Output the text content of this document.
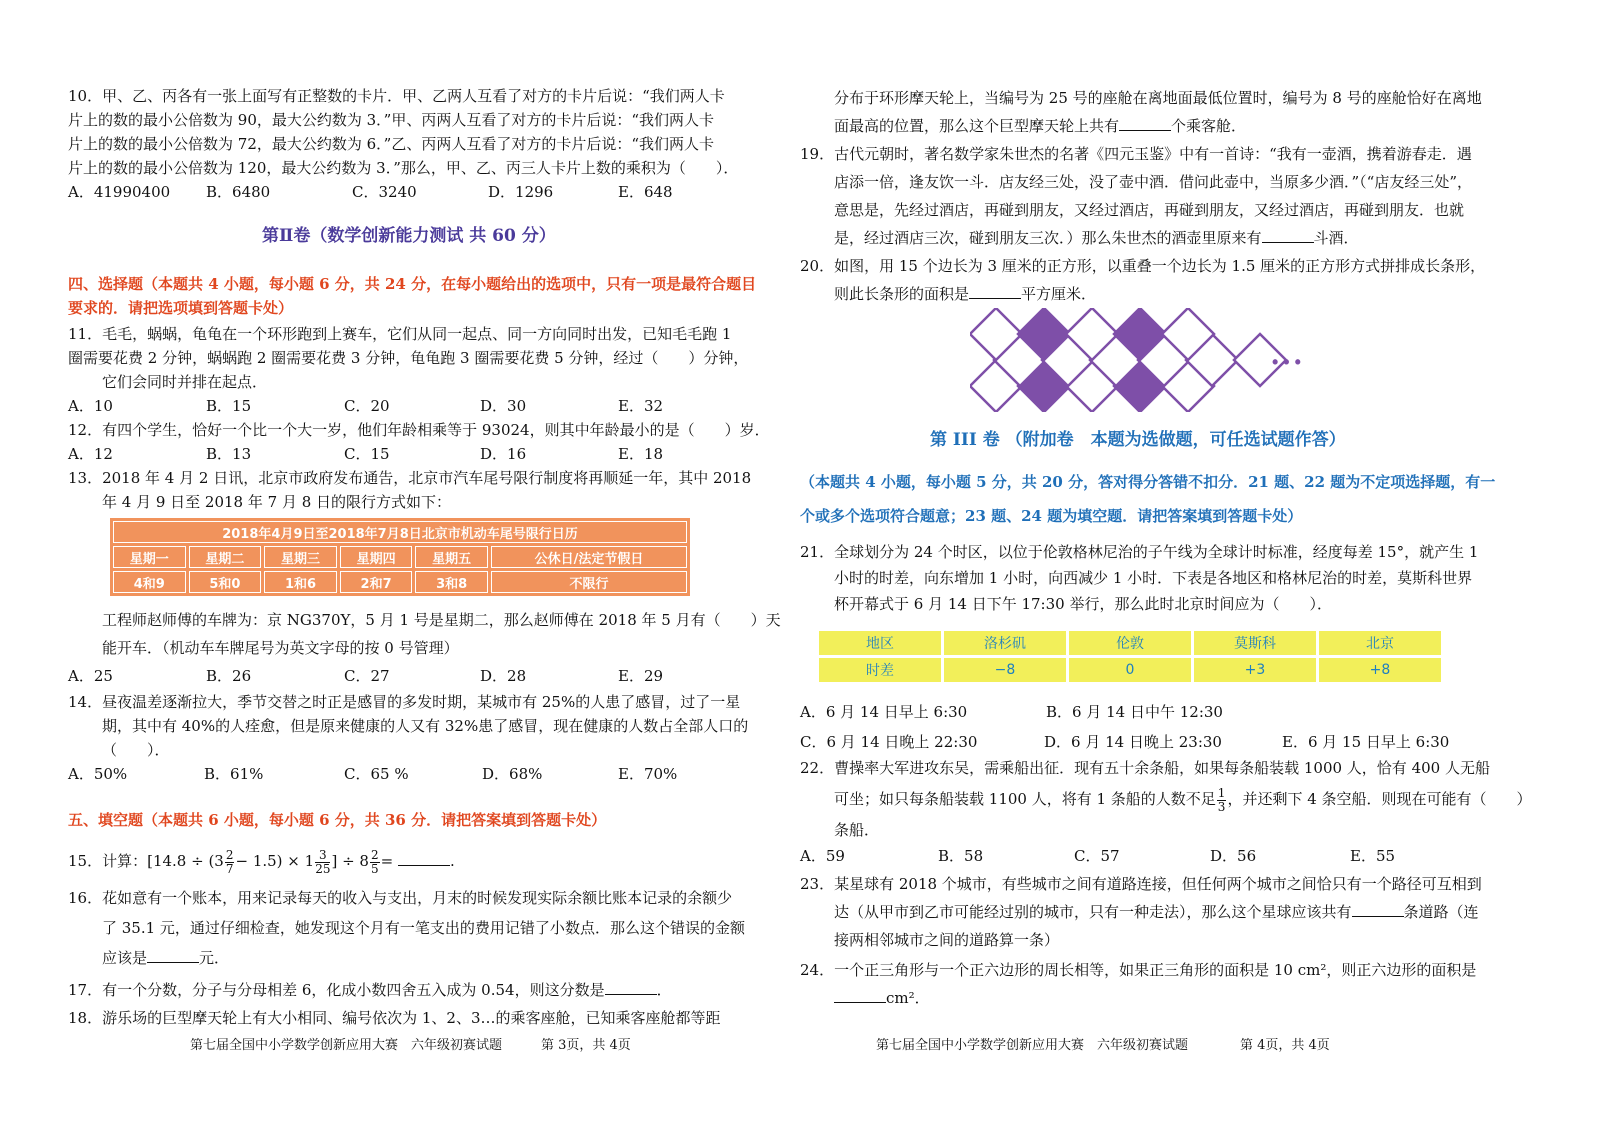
10．甲、乙、丙各有一张上面写有正整数的卡片．甲、乙两人互看了对方的卡片后说：“我们两人卡
片上的数的最小公倍数为 90，最大公约数为 3．”甲、丙两人互看了对方的卡片后说：“我们两人卡
片上的数的最小公倍数为 72，最大公约数为 6．”乙、丙两人互看了对方的卡片后说：“我们两人卡
片上的数的最小公倍数为 120，最大公约数为 3．”那么，甲、乙、丙三人卡片上数的乘积为（　　）．
A．41990400 B．6480	C．3240	D．1296	E．648
第Ⅱ卷（数学创新能力测试 共 60 分）
四、选择题（本题共 4 小题，每小题 6 分，共 24 分，在每小题给出的选项中，只有一项是最符合题目
要求的．请把选项填到答题卡处）
11．毛毛，蜗蜗，龟龟在一个环形跑到上赛车，它们从同一起点、同一方向同时出发，已知毛毛跑 1
圈需要花费 2 分钟，蜗蜗跑 2 圈需要花费 3 分钟，龟龟跑 3 圈需要花费 5 分钟，经过（　　）分钟，
它们会同时并排在起点．
A．10	B．15	C．20	D．30	E．32
12．有四个学生，恰好一个比一个大一岁，他们年龄相乘等于 93024，则其中年龄最小的是（　　）岁．
A．12	B．13	C．15	D．16	E．18
13．2018 年 4 月 2 日讯，北京市政府发布通告，北京市汽车尾号限行制度将再顺延一年，其中 2018
年 4 月 9 日至 2018 年 7 月 8 日的限行方式如下：
2018年4月9日至2018年7月8日北京市机动车尾号限行日历					
星期一	星期二	星期三	星期四	星期五	公休日/法定节假日
4和9	5和0	1和6	2和7	3和8	不限行
工程师赵师傅的车牌为：京 NG370Y，5 月 1 号是星期二，那么赵师傅在 2018 年 5 月有（　　）天
能开车．（机动车车牌尾号为英文字母的按 0 号管理）
A．25	B．26	C．27	D．28	E．29
14．昼夜温差逐渐拉大，季节交替之时正是感冒的多发时期，某城市有 25%的人患了感冒，过了一星
期，其中有 40%的人痊愈，但是原来健康的人又有 32%患了感冒，现在健康的人数占全部人口的
（　　）．
A．50%	B．61%	C．65 %	D．68%	E．70%
五、填空题（本题共 6 小题，每小题 6 分，共 36 分．请把答案填到答题卡处）
15．计算：[$14.8 \div (3 \frac{2}{7} - 1.5) \times 1 \frac{3}{25}$ ] ÷ $8 \frac{2}{5}$ =	.
16．花如意有一个账本，用来记录每天的收入与支出，月末的时候发现实际余额比账本记录的余额少
了 35.1 元，通过仔细检查，她发现这个月有一笔支出的费用记错了小数点．那么这个错误的金额
应该是	元．
17．有一个分数，分子与分母相差 6，化成小数四舍五入成为 0.54，则这分数是	．
18．游乐场的巨型摩天轮上有大小相同、编号依次为 1、2、3…的乘客座舱，已知乘客座舱都等距
第七届全国中小学数学创新应用大赛　六年级初赛试题　　　第 3页，共 4页
分布于环形摩天轮上，当编号为 25 号的座舱在离地面最低位置时，编号为 8 号的座舱恰好在离地
面最高的位置，那么这个巨型摩天轮上共有	个乘客舱．
19．古代元朝时，著名数学家朱世杰的名著《四元玉鉴》中有一首诗：“我有一壶酒，携着游春走．遇
店添一倍，逢友饮一斗．店友经三处，没了壶中酒．借问此壶中，当原多少酒．”（“店友经三处”，
意思是，先经过酒店，再碰到朋友，又经过酒店，再碰到朋友，又经过酒店，再碰到朋友．也就
是，经过酒店三次，碰到朋友三次．）那么朱世杰的酒壶里原来有	斗酒．
20．如图，用 15 个边长为 3 厘米的正方形，以重叠一个边长为 1.5 厘米的正方形方式拼排成长条形，
则此长条形的面积是	平方厘米．
• • •
第 III 卷 （附加卷　本题为选做题，可任选试题作答）
（本题共 4 小题，每小题 5 分，共 20 分，答对得分答错不扣分．21 题、22 题为不定项选择题，有一
个或多个选项符合题意；23 题、24 题为填空题．请把答案填到答题卡处）
21．全球划分为 24 个时区，以位于伦敦格林尼治的子午线为全球计时标准，经度每差 15°，就产生 1
小时的时差，向东增加 1 小时，向西减少 1 小时．下表是各地区和格林尼治的时差，莫斯科世界
杯开幕式于 6 月 14 日下午 17:30 举行，那么此时北京时间应为（　　）．
地区	洛杉矶	伦敦	莫斯科	北京
时差	−8	0	+3	+8
A．6 月 14 日早上 6:30	B．6 月 14 日中午 12:30
C．6 月 14 日晚上 22:30	D．6 月 14 日晚上 23:30	E．6 月 15 日早上 6:30
22．曹操率大军进攻东吴，需乘船出征．现有五十余条船，如果每条船装载 1000 人，恰有 400 人无船
可坐；如只每条船装载 1100 人，将有 1 条船的人数不足 $\frac{1}{3}$ ，并还剩下 4 条空船．则现在可能有（　　）
条船．
A．59	B．58	C．57	D．56	E．55
23．某星球有 2018 个城市，有些城市之间有道路连接，但任何两个城市之间恰只有一个路径可互相到
达（从甲市到乙市可能经过别的城市，只有一种走法），那么这个星球应该共有	条道路（连
接两相邻城市之间的道路算一条）
24．一个正三角形与一个正六边形的周长相等，如果正三角形的面积是 10 cm²，则正六边形的面积是
cm²．
第七届全国中小学数学创新应用大赛　六年级初赛试题　　　　第 4页，共 4页
